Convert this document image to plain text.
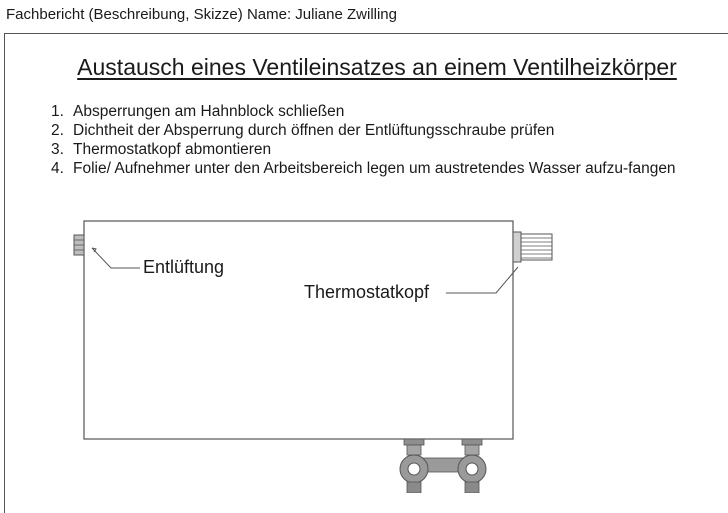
Fachbericht (Beschreibung, Skizze) Name: Juliane Zwilling
Austausch eines Ventileinsatzes an einem Ventilheizkörper
1. Absperrungen am Hahnblock schließen
2. Dichtheit der Absperrung durch öffnen der Entlüftungsschraube prüfen
3. Thermostatkopf abmontieren
4. Folie/ Aufnehmer unter den Arbeitsbereich legen um austretendes Wasser aufzu-fangen
Entlüftung
Thermostatkopf
